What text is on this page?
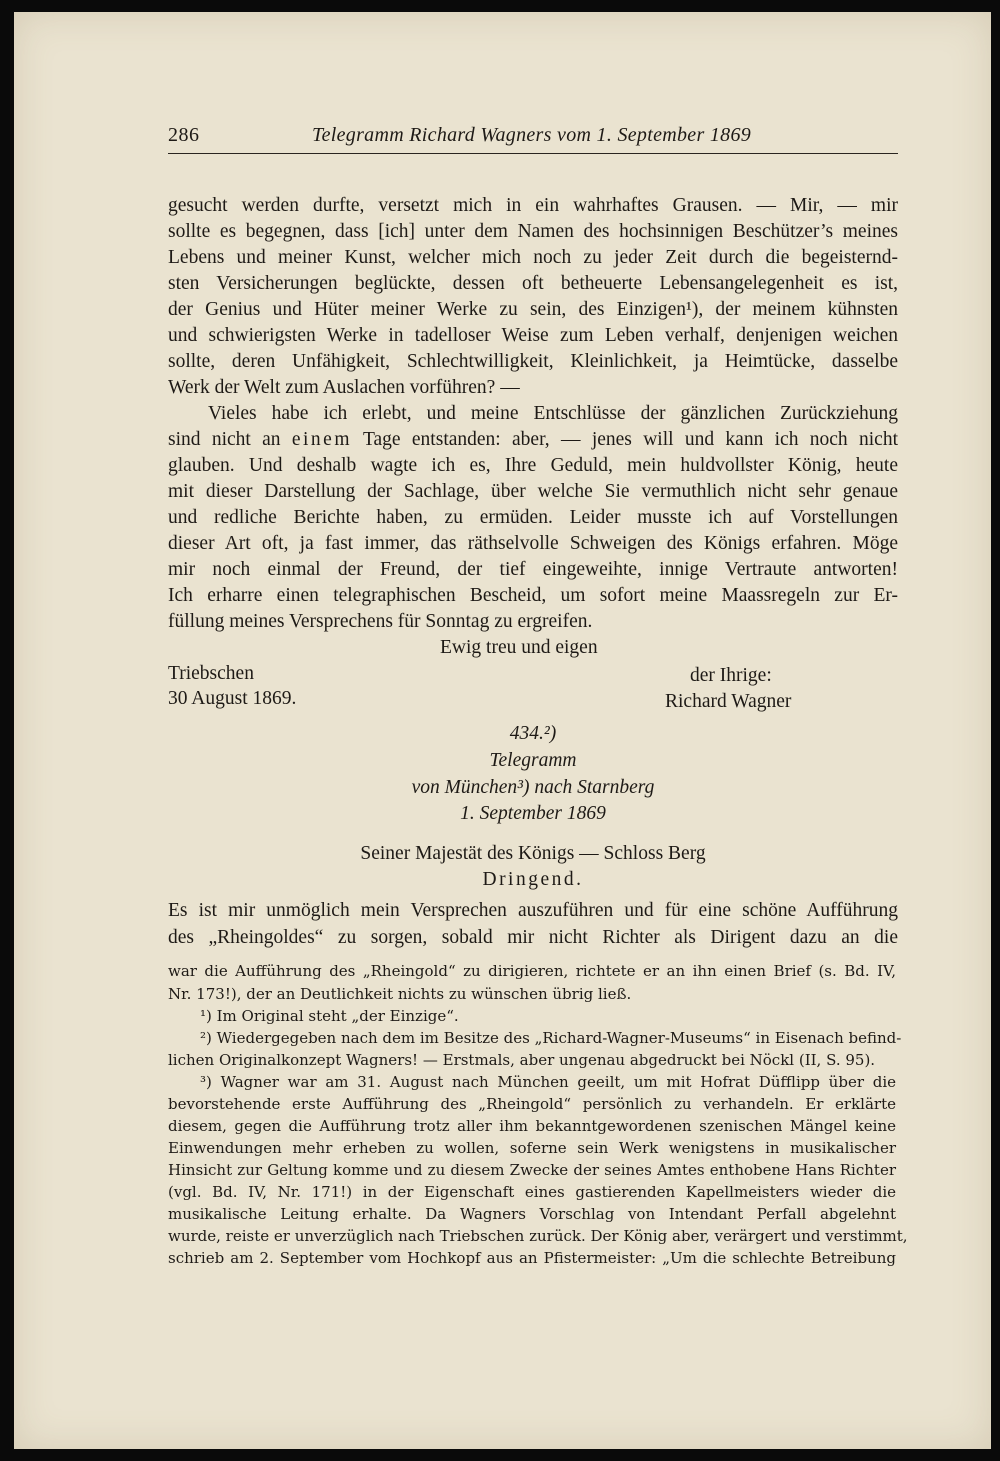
286	Telegramm Richard Wagners vom 1. September 1869
gesucht werden durfte, versetzt mich in ein wahrhaftes Grausen. — Mir, — mir
sollte es begegnen, dass [ich] unter dem Namen des hochsinnigen Beschützer’s meines
Lebens und meiner Kunst, welcher mich noch zu jeder Zeit durch die begeisternd-
sten Versicherungen beglückte, dessen oft betheuerte Lebensangelegenheit es ist,
der Genius und Hüter meiner Werke zu sein, des Einzigen¹), der meinem kühnsten
und schwierigsten Werke in tadelloser Weise zum Leben verhalf, denjenigen weichen
sollte, deren Unfähigkeit, Schlechtwilligkeit, Kleinlichkeit, ja Heimtücke, dasselbe
Werk der Welt zum Auslachen vorführen? —
Vieles habe ich erlebt, und meine Entschlüsse der gänzlichen Zurückziehung
sind nicht an einem Tage entstanden: aber, — jenes will und kann ich noch nicht
glauben. Und deshalb wagte ich es, Ihre Geduld, mein huldvollster König, heute
mit dieser Darstellung der Sachlage, über welche Sie vermuthlich nicht sehr genaue
und redliche Berichte haben, zu ermüden. Leider musste ich auf Vorstellungen
dieser Art oft, ja fast immer, das räthselvolle Schweigen des Königs erfahren. Möge
mir noch einmal der Freund, der tief eingeweihte, innige Vertraute antworten!
Ich erharre einen telegraphischen Bescheid, um sofort meine Maassregeln zur Er-
füllung meines Versprechens für Sonntag zu ergreifen.
Ewig treu und eigen
Triebschen	der Ihrige:
30 August 1869.	Richard Wagner
434.²)
Telegramm
von München³) nach Starnberg
1. September 1869
Seiner Majestät des Königs — Schloss Berg
Dringend.
Es ist mir unmöglich mein Versprechen auszuführen und für eine schöne Aufführung
des „Rheingoldes“ zu sorgen, sobald mir nicht Richter als Dirigent dazu an die
war die Aufführung des „Rheingold“ zu dirigieren, richtete er an ihn einen Brief (s. Bd. IV,
Nr. 173!), der an Deutlichkeit nichts zu wünschen übrig ließ.
¹) Im Original steht „der Einzige“.
²) Wiedergegeben nach dem im Besitze des „Richard-Wagner-Museums“ in Eisenach befind-
lichen Originalkonzept Wagners! — Erstmals, aber ungenau abgedruckt bei Nöckl (II, S. 95).
³) Wagner war am 31. August nach München geeilt, um mit Hofrat Düfflipp über die
bevorstehende erste Aufführung des „Rheingold“ persönlich zu verhandeln. Er erklärte
diesem, gegen die Aufführung trotz aller ihm bekanntgewordenen szenischen Mängel keine
Einwendungen mehr erheben zu wollen, soferne sein Werk wenigstens in musikalischer
Hinsicht zur Geltung komme und zu diesem Zwecke der seines Amtes enthobene Hans Richter
(vgl. Bd. IV, Nr. 171!) in der Eigenschaft eines gastierenden Kapellmeisters wieder die
musikalische Leitung erhalte. Da Wagners Vorschlag von Intendant Perfall abgelehnt
wurde, reiste er unverzüglich nach Triebschen zurück. Der König aber, verärgert und verstimmt,
schrieb am 2. September vom Hochkopf aus an Pfistermeister: „Um die schlechte Betreibung
